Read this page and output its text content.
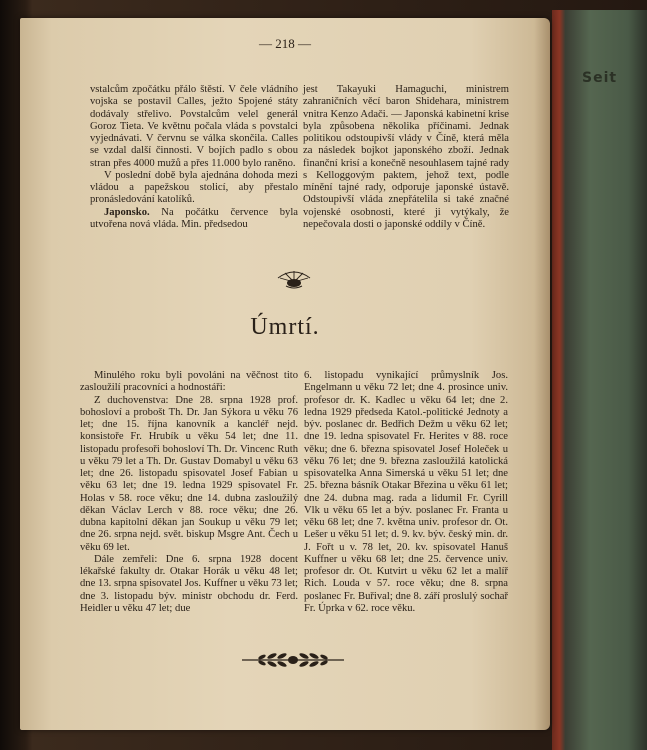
Seit
— 218 —

vstalcům zpočátku přálo štěstí. V čele vládního vojska se postavil Calles, ježto Spojené státy dodávaly střelivo. Povstalcům velel generál Goroz Tieta. Ve květnu počala vláda s povstalci vyjednávati. V červnu se válka skončila. Calles se vzdal další činnosti. V bojích padlo s obou stran přes 4000 mužů a přes 11.000 bylo raněno.

V poslední době byla ajednána dohoda mezi vládou a papežskou stolicí, aby přestalo pronásledování katolíků.

Japonsko. Na počátku července byla utvořena nová vláda. Min. předsedou

jest Takayuki Hamaguchi, ministrem zahraničních věcí baron Shidehara, ministrem vnitra Kenzo Adači. — Japonská kabinetní krise byla způsobena několika příčinami. Jednak politikou odstoupivší vlády v Číně, která měla za následek bojkot japonského zboží. Jednak finanční krisí a konečně nesouhlasem tajné rady s Kelloggovým paktem, jehož text, podle mínění tajné rady, odporuje japonské ústavě. Odstoupivší vláda znepřátelila si také značné vojenské osobnosti, které ji vytýkaly, že nepečovala dosti o japonské oddíly v Číně.

Úmrtí.

Minulého roku byli povoláni na věčnost tito zasloužilí pracovníci a hodnostáři:

Z duchovenstva: Dne 28. srpna 1928 prof. bohosloví a probošt Th. Dr. Jan Sýkora u věku 76 let; dne 15. října kanovník a kancléř nejd. konsistoře Fr. Hrubík u věku 54 let; dne 11. listopadu profesoři bohosloví Th. Dr. Vincenc Ruth u věku 79 let a Th. Dr. Gustav Domabyl u věku 63 let; dne 26. listopadu spisovatel Josef Fabian u věku 63 let; dne 19. ledna 1929 spisovatel Fr. Holas v 58. roce věku; dne 14. dubna zasloužilý děkan Václav Lerch v 88. roce věku; dne 26. dubna kapitolní děkan jan Soukup u věku 79 let; dne 26. srpna nejd. svět. biskup Msgre Ant. Čech u věku 69 let.

Dále zemřeli: Dne 6. srpna 1928 docent lékařské fakulty dr. Otakar Horák u věku 48 let; dne 13. srpna spisovatel Jos. Kuffner u věku 73 let; dne 3. listopadu býv. ministr obchodu dr. Ferd. Heidler u věku 47 let; due

6. listopadu vynikající průmyslník Jos. Engelmann u věku 72 let; dne 4. prosince univ. profesor dr. K. Kadlec u věku 64 let; dne 2. ledna 1929 předseda Katol.-politické Jednoty a býv. poslanec dr. Bedřich Dežm u věku 62 let; dne 19. ledna spisovatel Fr. Herites v 88. roce věku; dne 6. března spisovatel Josef Holeček u věku 76 let; dne 9. března zasloužilá katolická spisovatelka Anna Simerská u věku 51 let; dne 25. března básník Otakar Březina u věku 61 let; dne 24. dubna mag. rada a lidumil Fr. Cyrill Vlk u věku 65 let a býv. poslanec Fr. Franta u věku 68 let; dne 7. května univ. profesor dr. Ot. Lešer u věku 51 let; d. 9. kv. býv. český min. dr. J. Fořt u v. 78 let, 20. kv. spisovatel Hanuš Kuffner u věku 68 let; dne 25. července univ. profesor dr. Ot. Kutvirt u věku 62 let a malíř Rich. Louda v 57. roce věku; dne 8. srpna poslanec Fr. Buřival; dne 8. září proslulý sochař Fr. Úprka v 62. roce věku.
